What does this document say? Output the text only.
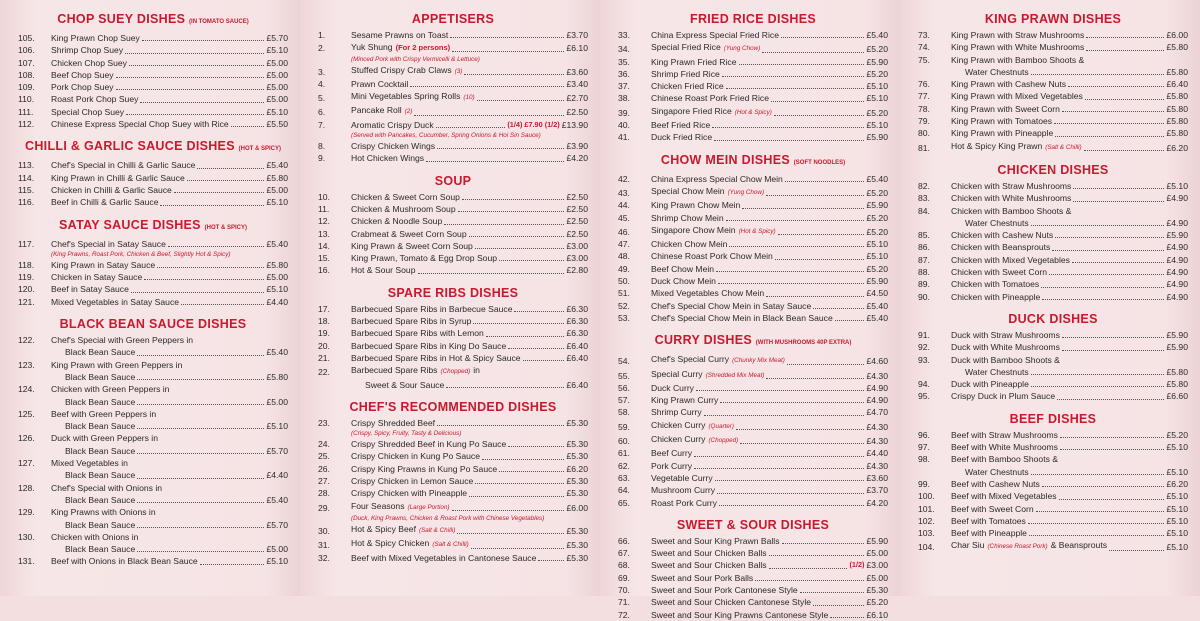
APPETISERS
1.	Sesame Prawns on Toast	£3.70
2.	Yuk Shung (For 2 persons)	£6.10
(Minced Pork with Crispy Vermicelli & Lettuce)
3.	Stuffed Crispy Crab Claws (3)	£3.60
4.	Prawn Cocktail	£3.40
5.	Mini Vegetables Spring Rolls (10)	£2.70
6.	Pancake Roll (2)	£2.50
7.	Aromatic Crispy Duck	(1/4) £7.90 (1/2) £13.90
(Served with Pancakes, Cucumber, Spring Onions & Hoi Sin Sauce)
8.	Crispy Chicken Wings	£3.90
9.	Hot Chicken Wings	£4.20
SOUP
10.	Chicken & Sweet Corn Soup	£2.50
11.	Chicken & Mushroom Soup	£2.50
12.	Chicken & Noodle Soup	£2.50
13.	Crabmeat & Sweet Corn Soup	£2.50
14.	King Prawn & Sweet Corn Soup	£3.00
15.	King Prawn, Tomato & Egg Drop Soup	£3.00
16.	Hot & Sour Soup	£2.80
SPARE RIBS DISHES
17.	Barbecued Spare Ribs in Barbecue Sauce	£6.30
18.	Barbecued Spare Ribs in Syrup	£6.30
19.	Barbecued Spare Ribs with Lemon	£6.30
20.	Barbecued Spare Ribs in King Do Sauce	£6.40
21.	Barbecued Spare Ribs in Hot & Spicy Sauce	£6.40
22.	Barbecued Spare Ribs (Chopped) in
Sweet & Sour Sauce	£6.40
CHEF'S RECOMMENDED DISHES
23.	Crispy Shredded Beef	£5.30
(Crispy, Spicy, Fruity, Tasty & Delicious)
24.	Crispy Shredded Beef in Kung Po Sauce	£5.30
25.	Crispy Chicken in Kung Po Sauce	£5.30
26.	Crispy King Prawns in Kung Po Sauce	£6.20
27.	Crispy Chicken in Lemon Sauce	£5.30
28.	Crispy Chicken with Pineapple	£5.30
29.	Four Seasons (Large Portion)	£6.00
(Duck, King Prawns, Chicken & Roast Pork with Chinese Vegetables)
30.	Hot & Spicy Beef (Salt & Chilli)	£5.30
31.	Hot & Spicy Chicken (Salt & Chilli)	£5.30
32.	Beef with Mixed Vegetables in Cantonese Sauce	£5.30
FRIED RICE DISHES
33.	China Express Special Fried Rice	£5.40
34.	Special Fried Rice (Yung Chow)	£5.20
35.	King Prawn Fried Rice	£5.90
36.	Shrimp Fried Rice	£5.20
37.	Chicken Fried Rice	£5.10
38.	Chinese Roast Pork Fried Rice	£5.10
39.	Singapore Fried Rice (Hot & Spicy)	£5.20
40.	Beef Fried Rice	£5.10
41.	Duck Fried Rice	£5.90
CHOW MEIN DISHES (SOFT NOODLES)
42.	China Express Special Chow Mein	£5.40
43.	Special Chow Mein (Yung Chow)	£5.20
44.	King Prawn Chow Mein	£5.90
45.	Shrimp Chow Mein	£5.20
46.	Singapore Chow Mein (Hot & Spicy)	£5.20
47.	Chicken Chow Mein	£5.10
48.	Chinese Roast Pork Chow Mein	£5.10
49.	Beef Chow Mein	£5.20
50.	Duck Chow Mein	£5.90
51.	Mixed Vegetables Chow Mein	£4.50
52.	Chef's Special Chow Mein in Satay Sauce	£5.40
53.	Chef's Special Chow Mein in Black Bean Sauce	£5.40
CURRY DISHES (WITH MUSHROOMS 40P EXTRA)
54.	Chef's Special Curry (Chunky Mix Meat)	£4.60
55.	Special Curry (Shredded Mix Meat)	£4.30
56.	Duck Curry	£4.90
57.	King Prawn Curry	£4.90
58.	Shrimp Curry	£4.70
59.	Chicken Curry (Quarter)	£4.30
60.	Chicken Curry (Chopped)	£4.30
61.	Beef Curry	£4.40
62.	Pork Curry	£4.30
63.	Vegetable Curry	£3.60
64.	Mushroom Curry	£3.70
65.	Roast Pork Curry	£4.20
SWEET & SOUR DISHES
66.	Sweet and Sour King Prawn Balls	£5.90
67.	Sweet and Sour Chicken Balls	£5.00
68.	Sweet and Sour Chicken Balls	(1/2) £3.00
69.	Sweet and Sour Pork Balls	£5.00
70.	Sweet and Sour Pork Cantonese Style	£5.30
71.	Sweet and Sour Chicken Cantonese Style	£5.20
72.	Sweet and Sour King Prawns Cantonese Style	£6.10
KING PRAWN DISHES
73.	King Prawn with Straw Mushrooms	£6.00
74.	King Prawn with White Mushrooms	£5.80
75.	King Prawn with Bamboo Shoots &
Water Chestnuts	£5.80
76.	King Prawn with Cashew Nuts	£6.40
77.	King Prawn with Mixed Vegetables	£5.80
78.	King Prawn with Sweet Corn	£5.80
79.	King Prawn with Tomatoes	£5.80
80.	King Prawn with Pineapple	£5.80
81.	Hot & Spicy King Prawn (Salt & Chilli)	£6.20
CHICKEN DISHES
82.	Chicken with Straw Mushrooms	£5.10
83.	Chicken with White Mushrooms	£4.90
84.	Chicken with Bamboo Shoots &
Water Chestnuts	£4.90
85.	Chicken with Cashew Nuts	£5.90
86.	Chicken with Beansprouts	£4.90
87.	Chicken with Mixed Vegetables	£4.90
88.	Chicken with Sweet Corn	£4.90
89.	Chicken with Tomatoes	£4.90
90.	Chicken with Pineapple	£4.90
DUCK DISHES
91.	Duck with Straw Mushrooms	£5.90
92.	Duck with White Mushrooms	£5.90
93.	Duck with Bamboo Shoots &
Water Chestnuts	£5.80
94.	Duck with Pineapple	£5.80
95.	Crispy Duck in Plum Sauce	£6.60
BEEF DISHES
96.	Beef with Straw Mushrooms	£5.20
97.	Beef with White Mushrooms	£5.10
98.	Beef with Bamboo Shoots &
Water Chestnuts	£5.10
99.	Beef with Cashew Nuts	£6.20
100.	Beef with Mixed Vegetables	£5.10
101.	Beef with Sweet Corn	£5.10
102.	Beef with Tomatoes	£5.10
103.	Beef with Pineapple	£5.10
104.	Char Siu (Chinese Roast Pork) & Beansprouts	£5.10
CHOP SUEY DISHES (IN TOMATO SAUCE)
105.	King Prawn Chop Suey	£5.70
106.	Shrimp Chop Suey	£5.10
107.	Chicken Chop Suey	£5.00
108.	Beef Chop Suey	£5.00
109.	Pork Chop Suey	£5.00
110.	Roast Pork Chop Suey	£5.00
111.	Special Chop Suey	£5.10
112.	Chinese Express Special Chop Suey with Rice	£5.50
CHILLI & GARLIC SAUCE DISHES (HOT & SPICY)
113.	Chef's Special in Chilli & Garlic Sauce	£5.40
114.	King Prawn in Chilli & Garlic Sauce	£5.80
115.	Chicken in Chilli & Garlic Sauce	£5.00
116.	Beef in Chilli & Garlic Sauce	£5.10
SATAY SAUCE DISHES (HOT & SPICY)
117.	Chef's Special in Satay Sauce	£5.40
(King Prawns, Roast Pork, Chicken & Beef, Slightly Hot & Spicy)
118.	King Prawn in Satay Sauce	£5.80
119.	Chicken in Satay Sauce	£5.00
120.	Beef in Satay Sauce	£5.10
121.	Mixed Vegetables in Satay Sauce	£4.40
BLACK BEAN SAUCE DISHES
122.	Chef's Special with Green Peppers in
Black Bean Sauce	£5.40
123.	King Prawn with Green Peppers in
Black Bean Sauce	£5.80
124.	Chicken with Green Peppers in
Black Bean Sauce	£5.00
125.	Beef with Green Peppers in
Black Bean Sauce	£5.10
126.	Duck with Green Peppers in
Black Bean Sauce	£5.70
127.	Mixed Vegetables in
Black Bean Sauce	£4.40
128.	Chef's Special with Onions in
Black Bean Sauce	£5.40
129.	King Prawns with Onions in
Black Bean Sauce	£5.70
130.	Chicken with Onions in
Black Bean Sauce	£5.00
131.	Beef with Onions in Black Bean Sauce	£5.10
